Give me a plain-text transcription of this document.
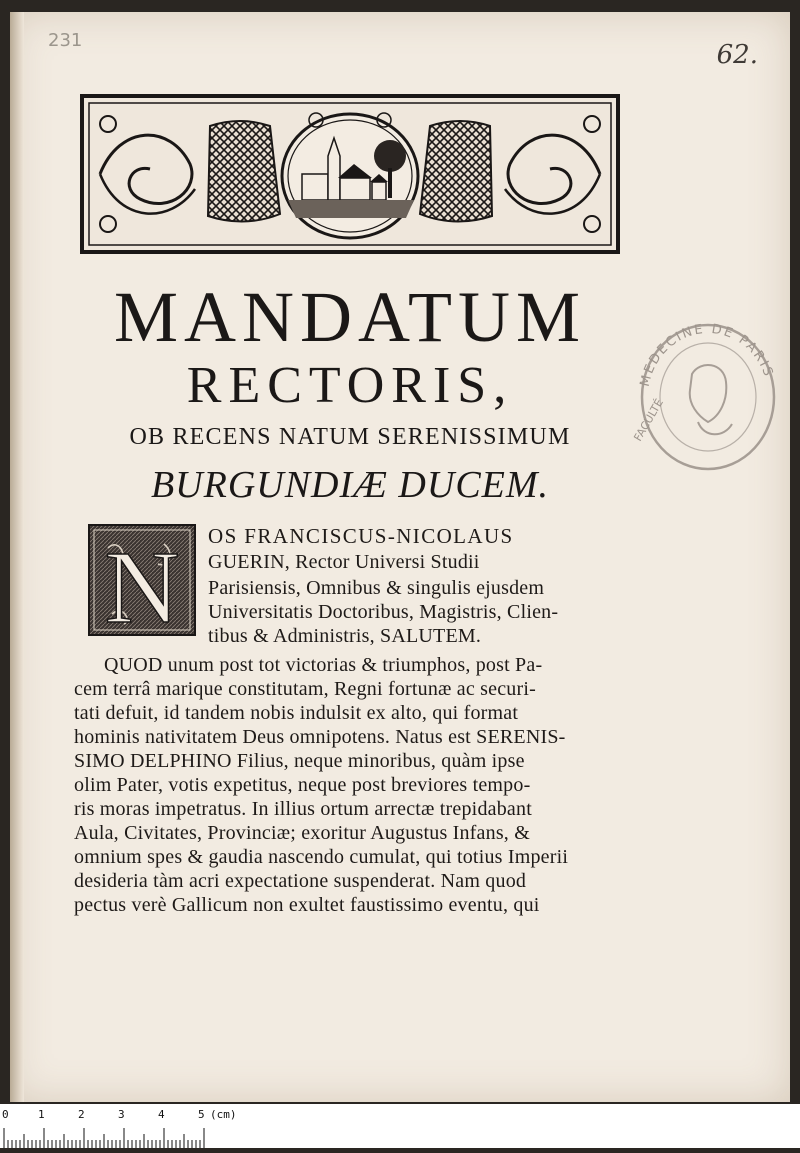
231	62.
MANDATUM
RECTORIS,
OB RECENS NATUM SERENISSIMUM
BURGUNDIÆ DUCEM.
N OS FRANCISCUS-NICOLAUS
GUERIN, Rector Universi Studii
Parisiensis, Omnibus & singulis ejusdem
Universitatis Doctoribus, Magistris, Clien-
tibus & Administris, SALUTEM.
QUOD unum post tot victorias & triumphos, post Pa-
cem terrâ marique constitutam, Regni fortunæ ac securi-
tati defuit, id tandem nobis indulsit ex alto, qui format
hominis nativitatem Deus omnipotens. Natus est SERENIS-
SIMO DELPHINO Filius, neque minoribus, quàm ipse
olim Pater, votis expetitus, neque post breviores tempo-
ris moras impetratus. In illius ortum arrectæ trepidabant
Aula, Civitates, Provinciæ; exoritur Augustus Infans, &
omnium spes & gaudia nascendo cumulat, qui totius Imperii
desideria tàm acri expectatione suspenderat. Nam quod
pectus verè Gallicum non exultet faustissimo eventu, qui
MEDECINE DE PARIS
FACULTÉ
0	1	2	3	4	5 (cm)
